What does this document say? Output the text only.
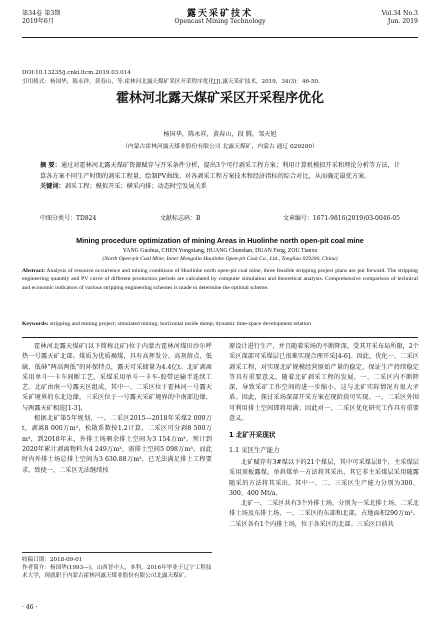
第34卷 第3期
2019年6月
露天采矿技术
Opencast Mining Technology
Vol.34 No.3
Jun. 2019
DOI:10.13235/j.cnki.ltcm.2019.03.014
引用格式：杨国华，陈永祥，黄春山，等.霍林河北露天煤矿采区开采程序优化[J].露天采矿技术，2019，34(3)：46-50.
霍林河北露天煤矿采区开采程序优化
杨国华，陈永祥，黄春山，段 腾，邹天旭
（内蒙古霍林河露天煤业股份有限公司 北露天煤矿，内蒙古 通辽 029200）
摘 要：通过对霍林河北露天煤矿资源赋存与开采条件分析，提出3个可行剥采工程方案；利用计算机模拟开采和理论分析等方法，计算各方案不同生产时期的剥采工程量，绘制PV曲线；对各剥采工程方案技术和经济指标的综合对比，从而确定最优方案。
关键词：剥采工程；模拟开采；横采内排；动态时空发展关系
中图分类号：TD824	文献标志码：B	文章编号：1671-9816(2019)03-0046-05
Mining procedure optimization of mining Areas in Huolinhe north open-pit coal mine
YANG Guohua, CHEN Yongxiang, HUANG Chunshan, DUAN Feng, ZOU Tianxu
(North Open-pit Coal Mine, Inner Mongolia Huolinhe Open-pit Coal Co., Ltd., Tongliao 029200, China)
Abstract: Analysis of resource occurrence and mining conditions of Huolinhe north open-pit coal mine, three feasible stripping project plans are put forward. The stripping engineering quantity and PV curve of different production periods are calculated by computer simulation and theoretical analysis. Comprehensive comparison of technical and economic indicators of various stripping engineering schemes is made to determine the optimal scheme.
Keywords: stripping and mining project; simulated mining; horizontal inside dump; dynamic time-space development relation

霍林河北露天煤矿(以下简称北矿)位于内蒙古霍林河煤田沙尔呼热一号露天矿北部。煤质为优质褐煤，具有高挥发分、高灰熔点、低硫、低砷“两高两低”的环保特点，露天可采储量为4.4亿t。北矿剥离采用单斗一卡车间断工艺，采煤采用单斗一卡车-胶带运输半连续工艺。北矿由南一号露天区组成，其中一、二采区位于霍林河一号露天采矿境界的东北边缘，三采区位于一号露天采矿境界的中南部边缘，与两露天矿相连[1-3]。

根据北矿第5年规划，一、二采区2015—2018年采煤2 000万t，剥离8 000万m³，松散系数按1.2计算，二采区可分剥8 500万m³，到2018年末，外排土场剩余排土空间为3 154万m³。预计到2020年累计剥离物料为4 249万m³，需排土空间5 098万m³。而此时内外排土场总排土空间为3 630.88万m³，已无法满足排土工程要求，致使一、二采区无法继续按

原设计进行生产，并且随着采场的不断降深，受其开采布局所限，2个采区深部可采煤层已很难实现合理开采[4-6]。因此，优化一、二采区剥采工程，对实现北矿规模经营原始产量的稳定，保证生产持续稳定等具有重要意义。随着北矿剥采工程的发展，一、二采区内不断降深，导致采矿工作空间的进一步缩小，这与北矿实际情况有很大矛盾。因此，探讨采场深部开采方案在现阶段可实现。一、二采区外围可利用排土空间即将用满；因此对一、二采区优化研究工作具有重要意义。

1 北矿开采现状
1.1 采区生产能力

北矿赋存有3#煤以下的21个煤层，其中可采煤层8个，主采煤层采用顶板露煤，单斜煤单一方法将其采出，其它非主采煤层采用随露随采的方法将其采出。其中一、二、三采区生产能力分别为300、300、400 Mt/a。

北矿一、二采区共有3个外排土场，分别为一采北排土场、二采北排土场及东排土场，一、二采区的东部和北部，占地面积290万m²。二采区各有1个内排土场，位于各采区的北部。三采区目前共

收稿日期：2018-09-01
作者简介：杨国华(1993—)，山西晋中人，本科，2016年毕业于辽宁工程技术大学，现就职于内蒙古霍林河露天煤业股份有限公司北露天煤矿。
· 46 ·
